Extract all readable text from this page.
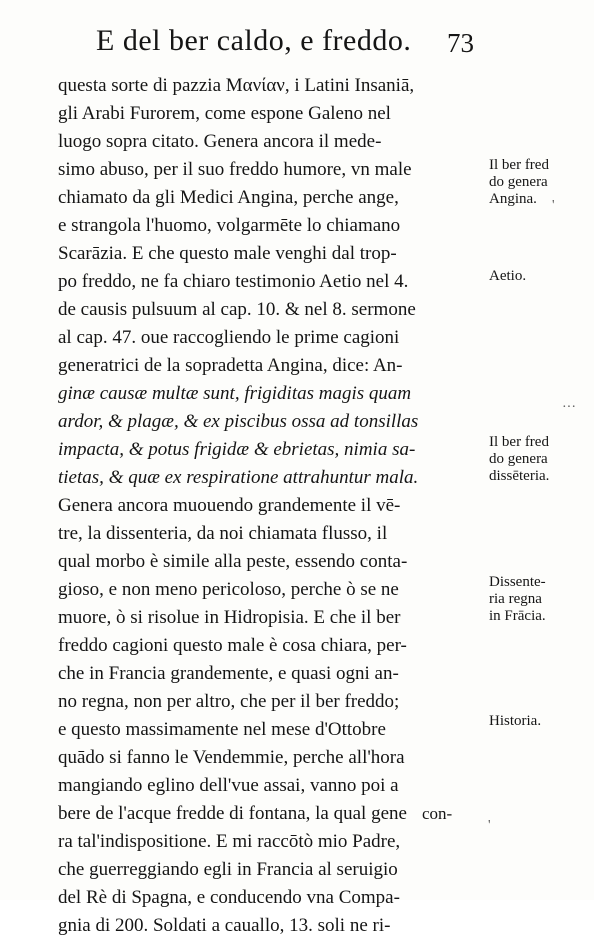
E del ber caldo, e freddo. 73
questa sorte di pazzia Μανίαν, i Latini Insaniā,
gli Arabi Furorem, come espone Galeno nel
luogo sopra citato. Genera ancora il mede-
simo abuso, per il suo freddo humore, vn male
chiamato da gli Medici Angina, perche ange,
e strangola l'huomo, volgarmēte lo chiamano
Scarāzia. E che questo male venghi dal trop-
po freddo, ne fa chiaro testimonio Aetio nel 4.
de causis pulsuum al cap. 10. & nel 8. sermone
al cap. 47. oue raccogliendo le prime cagioni
generatrici de la sopradetta Angina, dice: An-
ginæ causæ multæ sunt, frigiditas magis quam
ardor, & plagæ, & ex piscibus ossa ad tonsillas
impacta, & potus frigidæ & ebrietas, nimia sa-
tietas, & quæ ex respiratione attrahuntur mala.
Genera ancora muouendo grandemente il vē-
tre, la dissenteria, da noi chiamata flusso, il
qual morbo è simile alla peste, essendo conta-
gioso, e non meno pericoloso, perche ò se ne
muore, ò si risolue in Hidropisia. E che il ber
freddo cagioni questo male è cosa chiara, per-
che in Francia grandemente, e quasi ogni an-
no regna, non per altro, che per il ber freddo;
e questo massimamente nel mese d'Ottobre
quādo si fanno le Vendemmie, perche all'hora
mangiando eglino dell'vue assai, vanno poi a
bere de l'acque fredde di fontana, la qual gene
ra tal'indispositione. E mi raccōtò mio Padre,
che guerreggiando egli in Francia al seruigio
del Rè di Spagna, e conducendo vna Compa-
gnia di 200. Soldati a cauallo, 13. soli ne ri-
con-
Il ber fred
do genera
Angina.
Aetio.
Il ber fred
do genera
dissēteria.
Dissente-
ria regna
in Frācia.
Historia.
'
···
'
